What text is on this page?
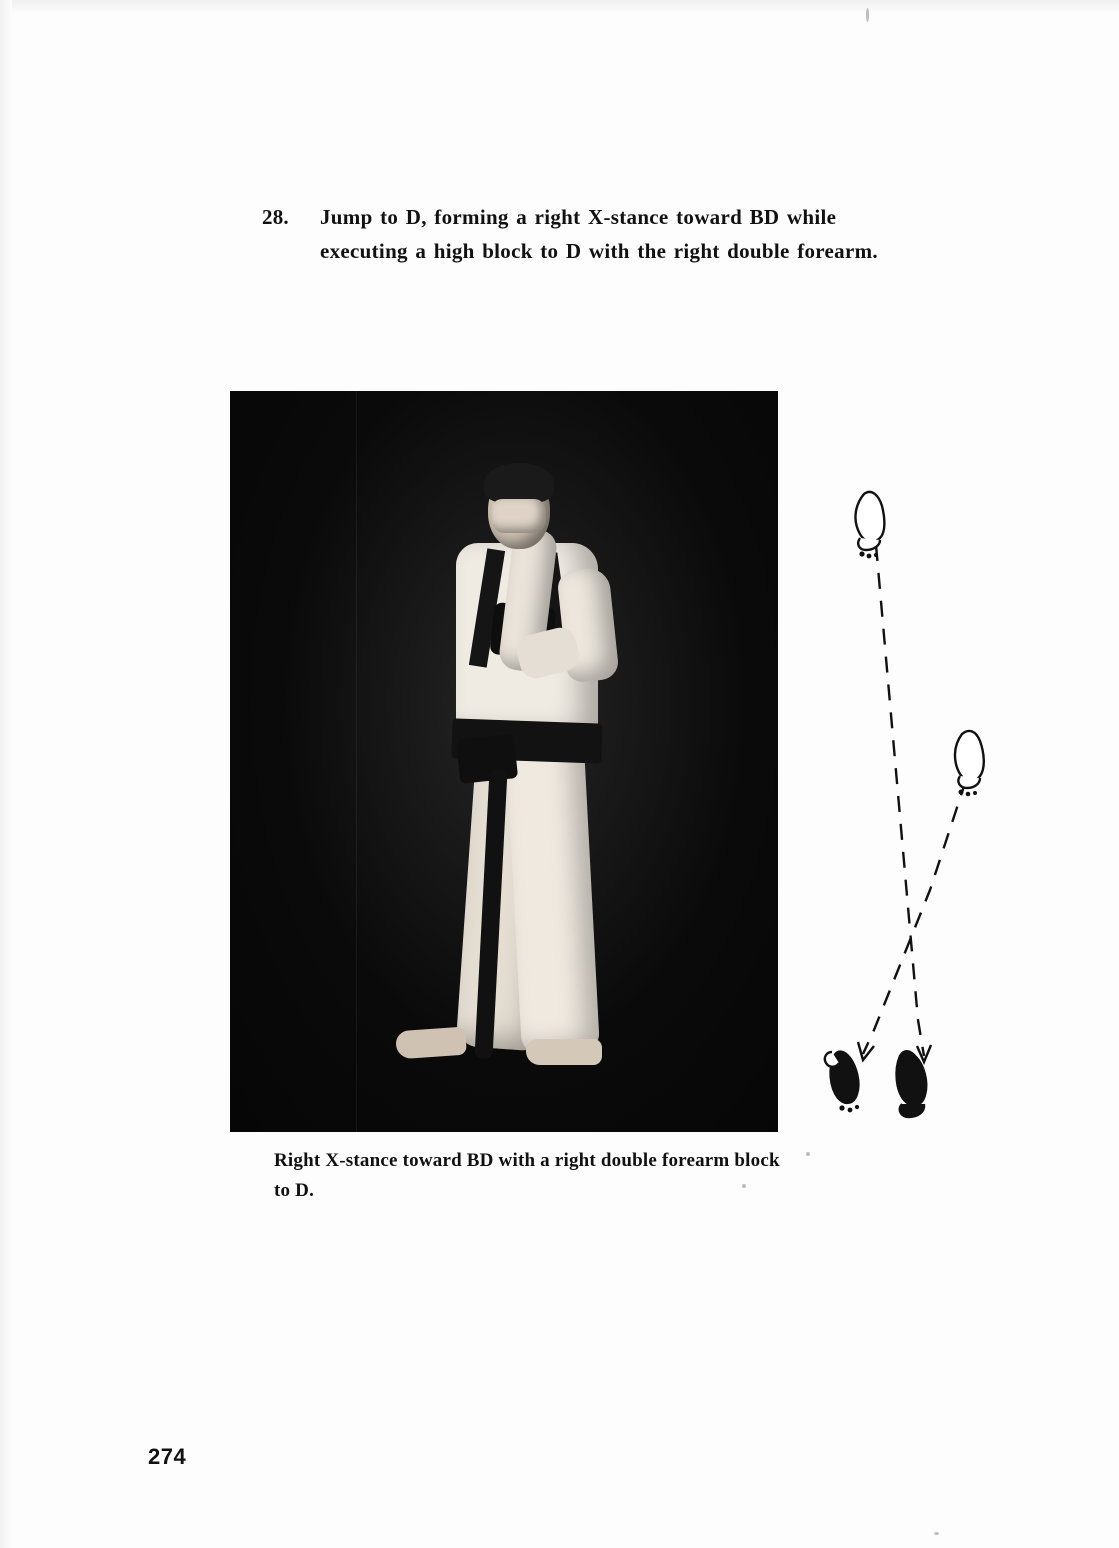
28.	Jump to D, forming a right X-stance toward BD while executing a high block to D with the right double forearm.
Right X-stance toward BD with a right double forearm block to D.
274
